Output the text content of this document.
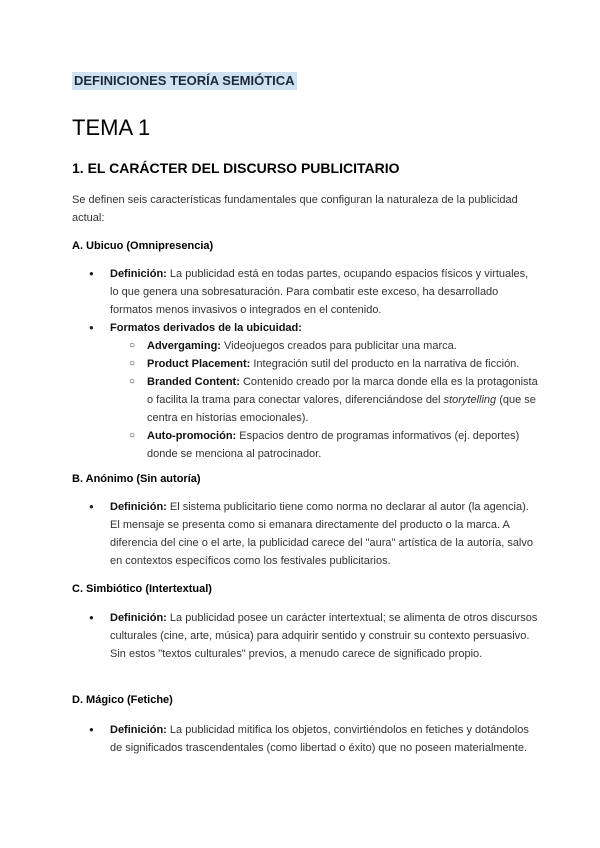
DEFINICIONES TEORÍA SEMIÓTICA
TEMA 1
1. EL CARÁCTER DEL DISCURSO PUBLICITARIO
Se definen seis características fundamentales que configuran la naturaleza de la publicidad actual:
A. Ubicuo (Omnipresencia)
● Definición: La publicidad está en todas partes, ocupando espacios físicos y virtuales, lo que genera una sobresaturación. Para combatir este exceso, ha desarrollado formatos menos invasivos o integrados en el contenido.
● Formatos derivados de la ubicuidad:
○ Advergaming: Videojuegos creados para publicitar una marca.
○ Product Placement: Integración sutil del producto en la narrativa de ficción.
○ Branded Content: Contenido creado por la marca donde ella es la protagonista o facilita la trama para conectar valores, diferenciándose del storytelling (que se centra en historias emocionales).
○ Auto-promoción: Espacios dentro de programas informativos (ej. deportes) donde se menciona al patrocinador.
B. Anónimo (Sin autoría)
● Definición: El sistema publicitario tiene como norma no declarar al autor (la agencia). El mensaje se presenta como si emanara directamente del producto o la marca. A diferencia del cine o el arte, la publicidad carece del "aura" artística de la autoría, salvo en contextos específicos como los festivales publicitarios.
C. Simbiótico (Intertextual)
● Definición: La publicidad posee un carácter intertextual; se alimenta de otros discursos culturales (cine, arte, música) para adquirir sentido y construir su contexto persuasivo. Sin estos "textos culturales" previos, a menudo carece de significado propio.
D. Mágico (Fetiche)
● Definición: La publicidad mitifica los objetos, convirtiéndolos en fetiches y dotándolos de significados trascendentales (como libertad o éxito) que no poseen materialmente.
